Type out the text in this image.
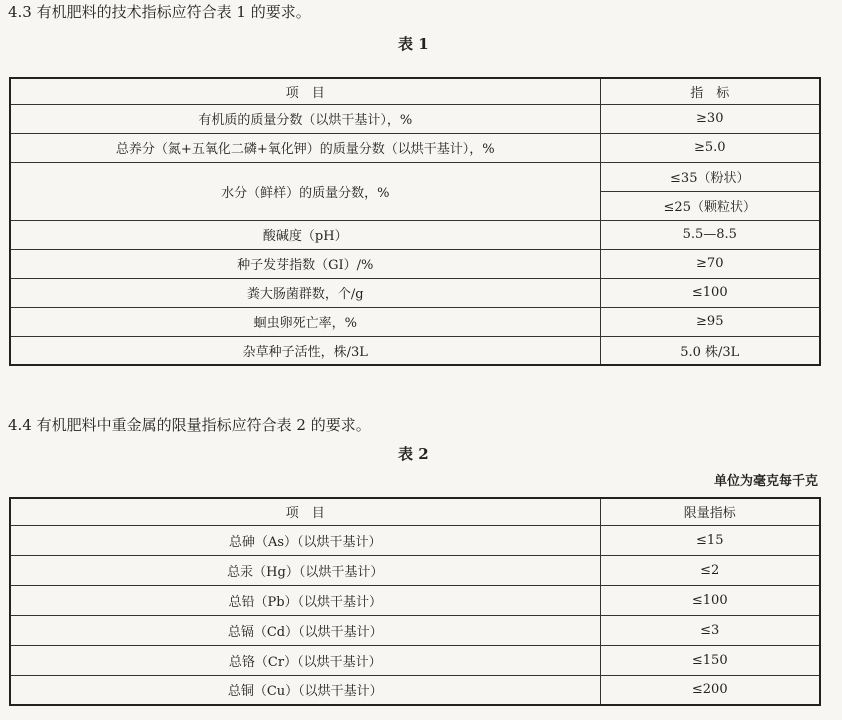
4.3 有机肥料的技术指标应符合表 1 的要求。
表 1
项　目	指　标
有机质的质量分数（以烘干基计），%	≥30
总养分（氮+五氧化二磷+氧化钾）的质量分数（以烘干基计），%	≥5.0
水分（鲜样）的质量分数，%	≤35（粉状）
	≤25（颗粒状）
酸碱度（pH）	5.5—8.5
种子发芽指数（GI）/%	≥70
粪大肠菌群数，个/g	≤100
蛔虫卵死亡率，%	≥95
杂草种子活性，株/3L	5.0 株/3L
4.4 有机肥料中重金属的限量指标应符合表 2 的要求。
表 2
单位为毫克每千克
项　目	限量指标
总砷（As）（以烘干基计）	≤15
总汞（Hg）（以烘干基计）	≤2
总铅（Pb）（以烘干基计）	≤100
总镉（Cd）（以烘干基计）	≤3
总铬（Cr）（以烘干基计）	≤150
总铜（Cu）（以烘干基计）	≤200
